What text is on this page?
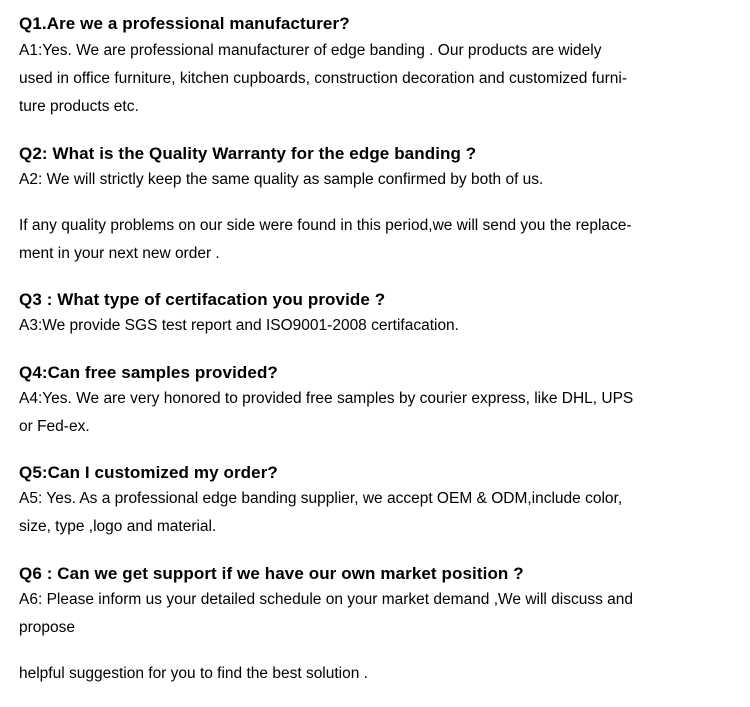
Q1.Are we a professional manufacturer?

A1:Yes. We are professional manufacturer of edge banding . Our products are widely

used in office furniture, kitchen cupboards, construction decoration and customized furni-

ture products etc.

Q2: What is the Quality Warranty for the edge banding ?

A2: We will strictly keep the same quality as sample confirmed by both of us.

If any quality problems on our side were found in this period,we will send you the replace-

ment in your next new order .

Q3 : What type of certifacation you provide ?

A3:We provide SGS test report and ISO9001-2008 certifacation.

Q4:Can free samples provided?

A4:Yes. We are very honored to provided free samples by courier express, like DHL, UPS

or Fed-ex.

Q5:Can I customized my order?

A5: Yes. As a professional edge banding supplier, we accept OEM & ODM,include color,

size, type ,logo and material.

Q6 : Can we get support if we have our own market position ?

A6: Please inform us your detailed schedule on your market demand ,We will discuss and

propose

helpful suggestion for you to find the best solution .
